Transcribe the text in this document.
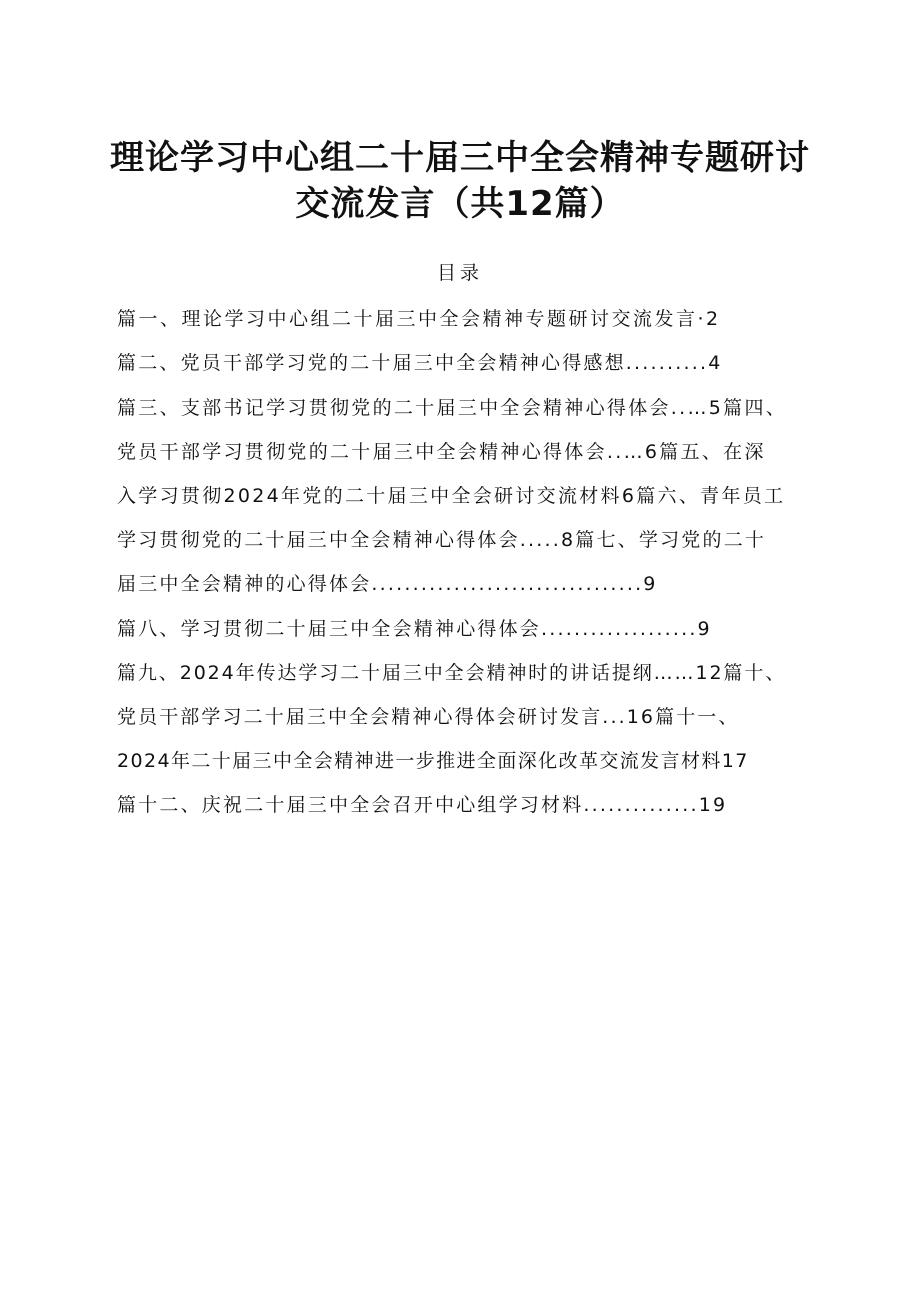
理论学习中心组二十届三中全会精神专题研讨
交流发言（共12篇）
目录
篇一、理论学习中心组二十届三中全会精神专题研讨交流发言·2
篇二、党员干部学习党的二十届三中全会精神心得感想..........4
篇三、支部书记学习贯彻党的二十届三中全会精神心得体会..…5篇四、
党员干部学习贯彻党的二十届三中全会精神心得体会..…6篇五、在深
入学习贯彻2024年党的二十届三中全会研讨交流材料6篇六、青年员工
学习贯彻党的二十届三中全会精神心得体会.....8篇七、学习党的二十
届三中全会精神的心得体会.................................9
篇八、学习贯彻二十届三中全会精神心得体会...................9
篇九、2024年传达学习二十届三中全会精神时的讲话提纲……12篇十、
党员干部学习二十届三中全会精神心得体会研讨发言...16篇十一、
2024年二十届三中全会精神进一步推进全面深化改革交流发言材料17
篇十二、庆祝二十届三中全会召开中心组学习材料..............19
